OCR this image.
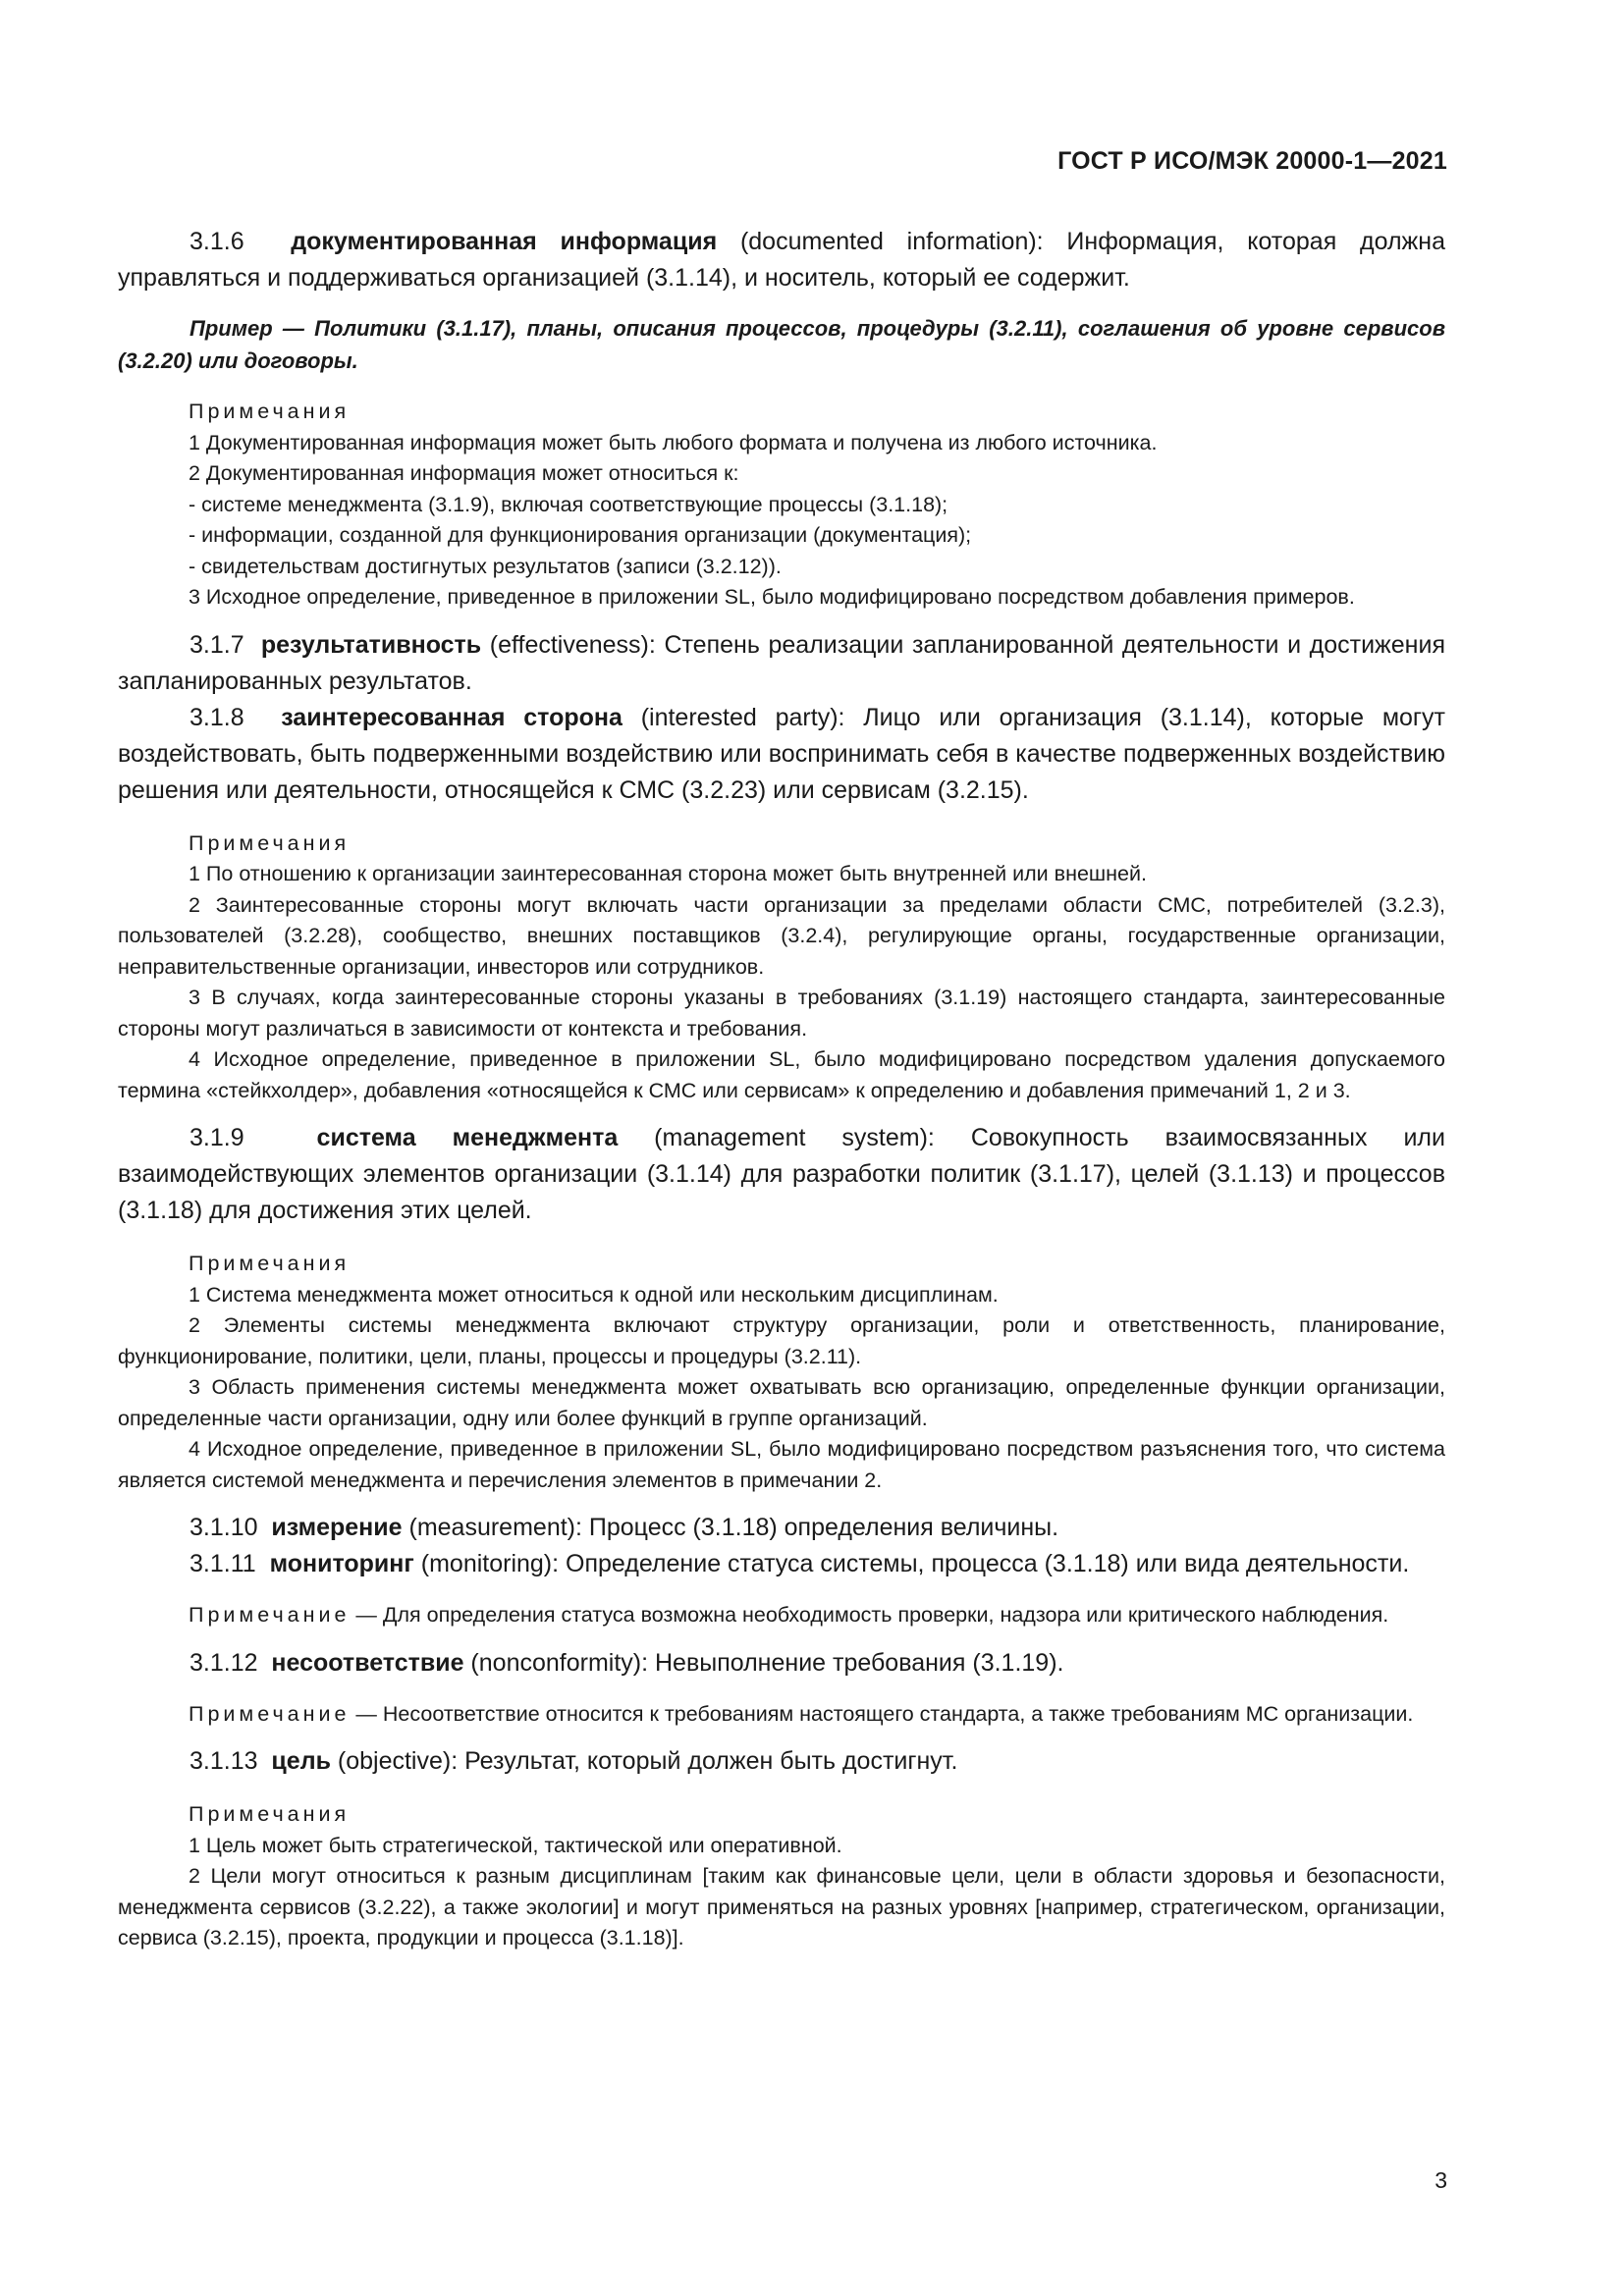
ГОСТ Р ИСО/МЭК 20000-1—2021

3.1.6 документированная информация (documented information): Информация, которая должна управляться и поддерживаться организацией (3.1.14), и носитель, который ее содержит.

Пример — Политики (3.1.17), планы, описания процессов, процедуры (3.2.11), соглашения об уровне сервисов (3.2.20) или договоры.

Примечания

1 Документированная информация может быть любого формата и получена из любого источника.

2 Документированная информация может относиться к:

- системе менеджмента (3.1.9), включая соответствующие процессы (3.1.18);

- информации, созданной для функционирования организации (документация);

- свидетельствам достигнутых результатов (записи (3.2.12)).

3 Исходное определение, приведенное в приложении SL, было модифицировано посредством добавления примеров.

3.1.7 результативность (effectiveness): Степень реализации запланированной деятельности и достижения запланированных результатов.

3.1.8 заинтересованная сторона (interested party): Лицо или организация (3.1.14), которые могут воздействовать, быть подверженными воздействию или воспринимать себя в качестве подверженных воздействию решения или деятельности, относящейся к СМС (3.2.23) или сервисам (3.2.15).

Примечания

1 По отношению к организации заинтересованная сторона может быть внутренней или внешней.

2 Заинтересованные стороны могут включать части организации за пределами области СМС, потребителей (3.2.3), пользователей (3.2.28), сообщество, внешних поставщиков (3.2.4), регулирующие органы, государственные организации, неправительственные организации, инвесторов или сотрудников.

3 В случаях, когда заинтересованные стороны указаны в требованиях (3.1.19) настоящего стандарта, заинтересованные стороны могут различаться в зависимости от контекста и требования.

4 Исходное определение, приведенное в приложении SL, было модифицировано посредством удаления допускаемого термина «стейкхолдер», добавления «относящейся к СМС или сервисам» к определению и добавления примечаний 1, 2 и 3.

3.1.9	система менеджмента (management system): Совокупность взаимосвязанных или взаимодействующих элементов организации (3.1.14) для разработки политик (3.1.17), целей (3.1.13) и процессов (3.1.18) для достижения этих целей.

Примечания

1 Система менеджмента может относиться к одной или нескольким дисциплинам.

2 Элементы системы менеджмента включают структуру организации, роли и ответственность, планирование, функционирование, политики, цели, планы, процессы и процедуры (3.2.11).

3 Область применения системы менеджмента может охватывать всю организацию, определенные функции организации, определенные части организации, одну или более функций в группе организаций.

4 Исходное определение, приведенное в приложении SL, было модифицировано посредством разъяснения того, что система является системой менеджмента и перечисления элементов в примечании 2.

3.1.10 измерение (measurement): Процесс (3.1.18) определения величины.

3.1.11 мониторинг (monitoring): Определение статуса системы, процесса (3.1.18) или вида деятельности.

Примечание — Для определения статуса возможна необходимость проверки, надзора или критического наблюдения.

3.1.12 несоответствие (nonconformity): Невыполнение требования (3.1.19).

Примечание — Несоответствие относится к требованиям настоящего стандарта, а также требованиям МС организации.

3.1.13 цель (objective): Результат, который должен быть достигнут.

Примечания

1 Цель может быть стратегической, тактической или оперативной.

2 Цели могут относиться к разным дисциплинам [таким как финансовые цели, цели в области здоровья и безопасности, менеджмента сервисов (3.2.22), а также экологии] и могут применяться на разных уровнях [например, стратегическом, организации, сервиса (3.2.15), проекта, продукции и процесса (3.1.18)].

3
